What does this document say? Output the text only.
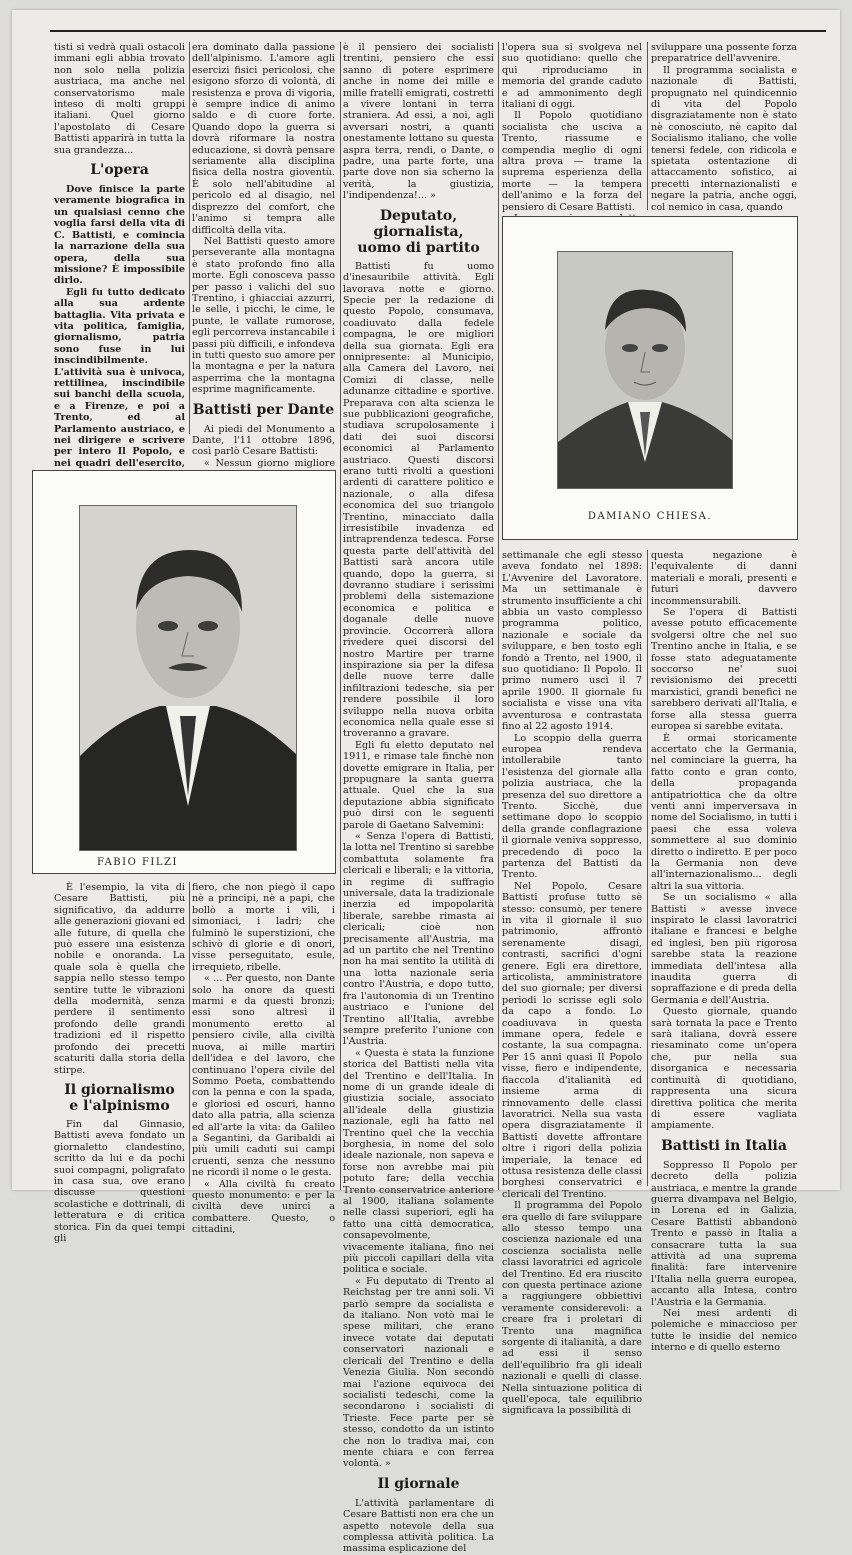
tisti si vedrà quali ostacoli immani egli abbia trovato non solo nella polizia austriaca, ma anche nel conservatorismo male inteso di molti gruppi italiani. Quel giorno l'apostolato di Cesare Battisti apparirà in tutta la sua grandezza...

L'opera

Dove finisce la parte veramente biografica in un qualsiasi cenno che voglia farsi della vita di C. Battisti, e comincia la narrazione della sua opera, della sua missione? È impossibile dirlo.

Egli fu tutto dedicato alla sua ardente battaglia. Vita privata e vita politica, famiglia, giornalismo, patria sono fuse in lui inscindibilmente. L'attività sua è univoca, rettilinea, inscindibile sui banchi della scuola, e a Firenze, e poi a Trento, ed al Parlamento austriaco, e nei dirigere e scrivere per intero Il Popolo, e nei quadri dell'esercito,

era dominato dalla passione dell'alpinismo. L'amore agli esercizi fisici pericolosi, che esigono sforzo di volontà, di resistenza e prova di vigoria, è sempre indice di animo saldo e di cuore forte. Quando dopo la guerra si dovrà riformare la nostra educazione, si dovrà pensare seriamente alla disciplina fisica della nostra gioventù. È solo nell'abitudine al pericolo ed al disagio, nel disprezzo del comfort, che l'animo si tempra alle difficoltà della vita.

Nel Battisti questo amore perseverante alla montagna è stato profondo fino alla morte. Egli conosceva passo per passo i valichi del suo Trentino, i ghiacciai azzurri, le selle, i picchi, le cime, le punte, le vallate rumorose, egli percorreva instancabile i passi più difficili, e infondeva in tutti questo suo amore per la montagna e per la natura asperrima che la montagna esprime magnificamente.

Battisti per Dante

Ai piedi del Monumento a Dante, l'11 ottobre 1896, così parlò Cesare Battisti:

« Nessun giorno migliore

è il pensiero dei socialisti trentini, pensiero che essi sanno di potere esprimere anche in nome dei mille e mille fratelli emigrati, costretti a vivere lontani in terra straniera. Ad essi, a noi, agli avversari nostri, a quanti onestamente lottano su questa aspra terra, rendi, o Dante, o padre, una parte forte, una parte dove non sia scherno la verità, la giustizia, l'indipendenza!... »

Deputato, giornalista,
uomo di partito

Battisti fu uomo d'inesauribile attività. Egli lavorava notte e giorno. Specie per la redazione di questo Popolo, consumava, coadiuvato dalla fedele compagna, le ore migliori della sua giornata. Egli era onnipresente: al Municipio, alla Camera del Lavoro, nei Comizi di classe, nelle adunanze cittadine e sportive. Preparava con alta scienza le sue pubblicazioni geografiche, studiava scrupolosamente i dati dei suoi discorsi economici al Parlamento austriaco. Questi discorsi erano tutti rivolti a questioni ardenti di carattere politico e nazionale, o alla difesa economica del suo triangolo Trentino, minacciato dalla irresistibile invadenza ed intraprendenza tedesca. Forse questa parte dell'attività del Battisti sarà ancora utile quando, dopo la guerra, si dovranno studiare i serissimi problemi della sistemazione economica e politica e doganale delle nuove provincie. Occorrerà allora rivedere quei discorsi del nostro Martire per trarne inspirazione sia per la difesa delle nuove terre dalle infiltrazioni tedesche, sia per rendere possibile il loro sviluppo nella nuova orbita economica nella quale esse si troveranno a gravare.

Egli fu eletto deputato nel 1911, e rimase tale finchè non dovette emigrare in Italia, per propugnare la santa guerra attuale. Quel che la sua deputazione abbia significato può dirsi con le seguenti parole di Gaetano Salvemini:

« Senza l'opera di Battisti, la lotta nel Trentino si sarebbe combattuta solamente fra clericali e liberali; e la vittoria, in regime di suffragio universale, data la tradizionale inerzia ed impopolarità liberale, sarebbe rimasta ai clericali; cioè non precisamente all'Austria, ma ad un partito che nel Trentino non ha mai sentito la utilità di una lotta nazionale seria contro l'Austria, e dopo tutto, fra l'autonomia di un Trentino austriaco e l'unione del Trentino all'Italia, avrebbe sempre preferito l'unione con l'Austria.

« Questa è stata la funzione storica del Battisti nella vita del Trentino e dell'Italia. In nome di un grande ideale di giustizia sociale, associato all'ideale della giustizia nazionale, egli ha fatto nel Trentino quel che la vecchia borghesia, in nome del solo ideale nazionale, non sapeva e forse non avrebbe mai più potuto fare; della vecchia Trento conservatrice anteriore al 1900, italiana solamente nelle classi superiori, egli ha fatto una città democratica, consapevolmente, vivacemente italiana, fino nei più piccoli capillari della vita politica e sociale.

« Fu deputato di Trento al Reichstag per tre anni soli. Vi parlò sempre da socialista e da italiano. Non votò mai le spese militari, che erano invece votate dai deputati conservatori nazionali e clericali del Trentino e della Venezia Giulia. Non secondò mai l'azione equivoca dei socialisti tedeschi, come la secondarono i socialisti di Trieste. Fece parte per sè stesso, condotto da un istinto che non lo tradiva mai, con mente chiara e con ferrea volontà. »

Il giornale

L'attività parlamentare di Cesare Battisti non era che un aspetto notevole della sua complessa attività politica. La massima esplicazione del

l'opera sua si svolgeva nel suo quotidiano: quello che qui riproduciamo in memoria del grande caduto e ad ammonimento degli italiani di oggi.

Il Popolo quotidiano socialista che usciva a Trento, riassume e compendia meglio di ogni altra prova — trame la suprema esperienza della morte — la tempera dell'animo e la forza del pensiero di Cesare Battisti.

sviluppare una possente forza preparatrice dell'avvenire.

Il programma socialista e nazionale di Battisti, propugnato nel quindicennio di vita del Popolo disgraziatamente non è stato nè conosciuto, nè capito dal Socialismo italiano, che volle tenersi fedele, con ridicola e spietata ostentazione di attaccamento sofistico, ai precetti internazionalisti e negare la patria, anche oggi, col nemico in casa, quando

DAMIANO CHIESA.
FABIO FILZI

È l'esempio, la vita di Cesare Battisti, più significativo, da addurre alle generazioni giovani ed alle future, di quella che può essere una esistenza nobile e onoranda. La quale sola è quella che sappia nello stesso tempo sentire tutte le vibrazioni della modernità, senza perdere il sentimento profondo delle grandi tradizioni ed il rispetto profondo dei precetti scaturiti dalla storia della stirpe.

Il giornalismo
e l'alpinismo

Fin dal Ginnasio, Battisti aveva fondato un giornaletto clandestino, scritto da lui e da pochi suoi compagni, poligrafato in casa sua, ove erano discusse questioni scolastiche e dottrinali, di letteratura e di critica storica. Fin da quei tempi gli

fiero, che non piegò il capo nè a principi, nè a papi, che bollò a morte i vili, i simoniaci, i ladri; che fulminò le superstizioni, che schivò di glorie e di onori, visse perseguitato, esule, irrequieto, ribelle.

« ... Per questo, non Dante solo ha onore da questi marmi e da questi bronzi; essi sono altresì il monumento eretto al pensiero civile, alla civiltà nuova, ai mille martiri dell'idea e del lavoro, che continuano l'opera civile del Sommo Poeta, combattendo con la penna e con la spada, e gloriosi ed oscuri, hanno dato alla patria, alla scienza ed all'arte la vita: da Galileo a Segantini, da Garibaldi ai più umili caduti sui campi cruenti, senza che nessuno ne ricordi il nome o le gesta.

« Alla civiltà fu creato questo monumento: e per la civiltà deve unirci a combattere. Questo, o cittadini,

settimanale che egli stesso aveva fondato nel 1898: L'Avvenire del Lavoratore. Ma un settimanale è strumento insufficiente a chi abbia un vasto complesso programma politico, nazionale e sociale da sviluppare, e ben tosto egli fondò a Trento, nel 1900, il suo quotidiano: Il Popolo. Il primo numero uscì il 7 aprile 1900. Il giornale fu socialista e visse una vita avventurosa e contrastata fino al 22 agosto 1914.

Lo scoppio della guerra europea rendeva intollerabile tanto l'esistenza del giornale alla polizia austriaca, che la presenza del suo direttore a Trento. Sicchè, due settimane dopo lo scoppio della grande conflagrazione il giornale veniva soppresso, precedendo di poco la partenza del Battisti da Trento.

Nel Popolo, Cesare Battisti profuse tutto sè stesso: consumò, per tenere in vita il giornale il suo patrimonio, affrontò serenamente disagi, contrasti, sacrifici d'ogni genere. Egli era direttore, articolista, amministratore del suo giornale; per diversi periodi lo scrisse egli solo da capo a fondo. Lo coadiuvava in questa immane opera, fedele e costante, la sua compagna. Per 15 anni quasi Il Popolo visse, fiero e indipendente, fiaccola d'italianità ed insieme arma di rinnovamento delle classi lavoratrici. Nella sua vasta opera disgraziatamente il Battisti dovette affrontare oltre i rigori della polizia imperiale, la tenace ed ottusa resistenza delle classi borghesi conservatrici e clericali del Trentino.

Il programma del Popolo era quello di fare sviluppare allo stesso tempo una coscienza nazionale ed una coscienza socialista nelle classi lavoratrici ed agricole del Trentino. Ed era riuscito con questa pertinace azione a raggiungere obbiettivi veramente considerevoli: a creare fra i proletari di Trento una magnifica sorgente di italianità, a dare ad essi il senso dell'equilibrio fra gli ideali nazionali e quelli di classe. Nella sintuazione politica di quell'epoca, tale equilibrio significava la possibilità di

questa negazione è l'equivalente di danni materiali e morali, presenti e futuri davvero incommensurabili.

Se l'opera di Battisti avesse potuto efficacemente svolgersi oltre che nel suo Trentino anche in Italia, e se fosse stato adeguatamente soccorso ne' suoi revisionismo dei precetti marxistici, grandi benefici ne sarebbero derivati all'Italia, e forse alla stessa guerra europea si sarebbe evitata.

È ormai storicamente accertato che la Germania, nel cominciare la guerra, ha fatto conto e gran conto, della propaganda antipatriottica che da oltre venti anni imperversava in nome del Socialismo, in tutti i paesi che essa voleva sommettere al suo dominio diretto o indiretto. E per poco la Germania non deve all'internazionalismo... degli altri la sua vittoria.

Se un socialismo « alla Battisti » avesse invece inspirato le classi lavoratrici italiane e francesi e belghe ed inglesi, ben più rigorosa sarebbe stata la reazione immediata dell'intesa alla inaudita guerra di sopraffazione e di preda della Germania e dell'Austria.

Questo giornale, quando sarà tornata la pace e Trento sarà italiana, dovrà essere riesaminato come un'opera che, pur nella sua disorganica e necessaria continuità di quotidiano, rappresenta una sicura direttiva politica che merita di essere vagliata ampiamente.

Battisti in Italia

Soppresso Il Popolo per decreto della polizia austriaca, e mentre la grande guerra divampava nel Belgio, in Lorena ed in Galizia, Cesare Battisti abbandonò Trento e passò in Italia a consacrare tutta la sua attività ad una suprema finalità: fare intervenire l'Italia nella guerra europea, accanto alla Intesa, contro l'Austria e la Germania.

Nei mesi ardenti di polemiche e minaccioso per tutte le insidie del nemico interno e di quello esterno
